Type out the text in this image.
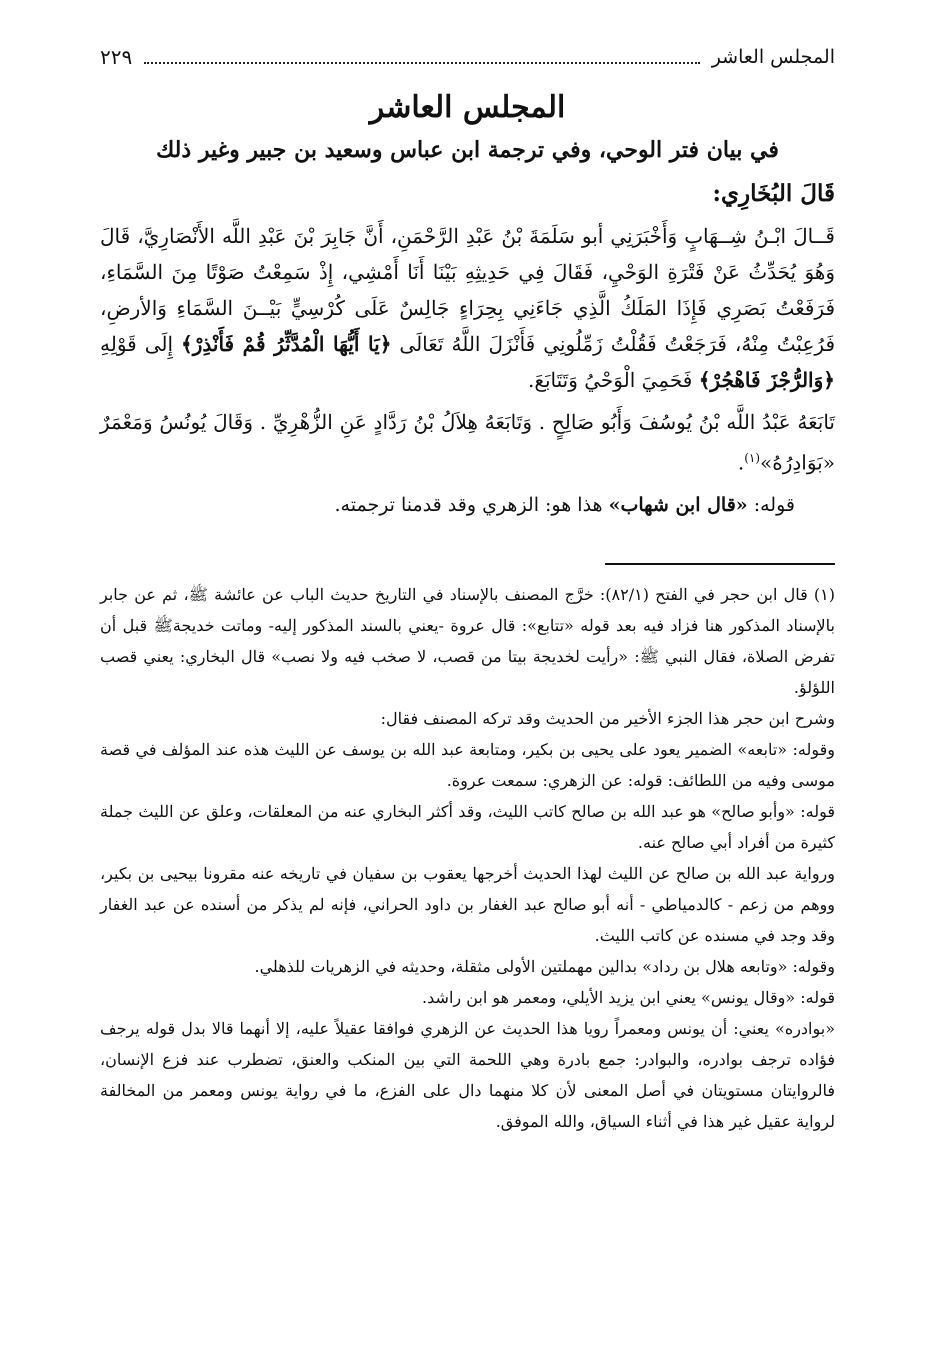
المجلس العاشر
٢٢٩
المجلس العاشر
في بيان فتر الوحي، وفي ترجمة ابن عباس وسعيد بن جبير وغير ذلك
قَالَ البُخَارِي:

قَــالَ ابْـنُ شِــهَابٍ وَأَخْبَرَنِي أبو سَلَمَةَ بْنُ عَبْدِ الرَّحْمَنِ، أَنَّ جَابِرَ بْنَ عَبْدِ اللَّه الأَنْصَارِيَّ، قَالَ وَهُوَ يُحَدِّثُ عَنْ فَتْرَةِ الوَحْيِ، فَقَالَ فِي حَدِيثِهِ بَيْنَا أَنَا أَمْشِي، إِذْ سَمِعْتُ صَوْتًا مِنَ السَّمَاءِ، فَرَفَعْتُ بَصَرِي فَإِذَا المَلَكُ الَّذِي جَاءَنِي بِحِرَاءٍ جَالِسٌ عَلَى كُرْسِيٍّ بَيْــنَ السَّمَاءِ وَالأرضِ، فَرُعِبْتُ مِنْهُ، فَرَجَعْتُ فَقُلْتُ زَمِّلُونِي فَأَنْزَلَ اللَّهُ تَعَالَى ﴿يَا أَيُّهَا الْمُدَّثِّرُ قُمْ فَأَنْذِرْ﴾ إِلَى قَوْلِهِ ﴿وَالرُّجْزَ فَاهْجُرْ﴾ فَحَمِيَ الْوَحْيُ وَتَتَابَعَ.

تَابَعَهُ عَبْدُ اللَّه بْنُ يُوسُفَ وَأَبُو صَالِحٍ . وَتَابَعَهُ هِلاَلُ بْنُ رَدَّادٍ عَنِ الزُّهْرِيِّ . وَقَالَ يُونُسُ وَمَعْمَرٌ «بَوَادِرُهُ»$^{(١)}$.

قوله: «قال ابن شهاب» هذا هو: الزهري وقد قدمنا ترجمته.

(١) قال ابن حجر في الفتح (٨٢/١): خرَّج المصنف بالإسناد في التاريخ حديث الباب عن عائشة ﷺ، ثم عن جابر بالإسناد المذكور هنا فزاد فيه بعد قوله «تتابع»: قال عروة -يعني بالسند المذكور إليه- وماتت خديجةﷺ قبل أن تفرض الصلاة، فقال النبي ﷺ: «رأيت لخديجة بيتا من قصب، لا صخب فيه ولا نصب» قال البخاري: يعني قصب اللؤلؤ.

وشرح ابن حجر هذا الجزء الأخير من الحديث وقد تركه المصنف فقال:

وقوله: «تابعه» الضمير يعود على يحيى بن بكير، ومتابعة عبد الله بن يوسف عن الليث هذه عند المؤلف في قصة موسى وفيه من اللطائف: قوله: عن الزهري: سمعت عروة.

قوله: «وأبو صالح» هو عبد الله بن صالح كاتب الليث، وقد أكثر البخاري عنه من المعلقات، وعلق عن الليث جملة كثيرة من أفراد أبي صالح عنه.

ورواية عبد الله بن صالح عن الليث لهذا الحديث أخرجها يعقوب بن سفيان في تاريخه عنه مقرونا بيحيى بن بكير، ووهم من زعم - كالدمياطي - أنه أبو صالح عبد الغفار بن داود الحراني، فإنه لم يذكر من أسنده عن عبد الغفار وقد وجد في مسنده عن كاتب الليث.

وقوله: «وتابعه هلال بن رداد» بدالين مهملتين الأولى مثقلة، وحديثه في الزهريات للذهلي.

قوله: «وقال يونس» يعني ابن يزيد الأيلي، ومعمر هو ابن راشد.

«بوادره» يعني: أن يونس ومعمراً رويا هذا الحديث عن الزهري فوافقا عقيلاً عليه، إلا أنهما قالا بدل قوله يرجف فؤاده ترجف بوادره، والبوادر: جمع بادرة وهي اللحمة التي بين المنكب والعنق، تضطرب عند فزع الإنسان، فالروايتان مستويتان في أصل المعنى لأن كلا منهما دال على الفزع، ما في رواية يونس ومعمر من المخالفة لرواية عقيل غير هذا في أثناء السياق، والله الموفق.
